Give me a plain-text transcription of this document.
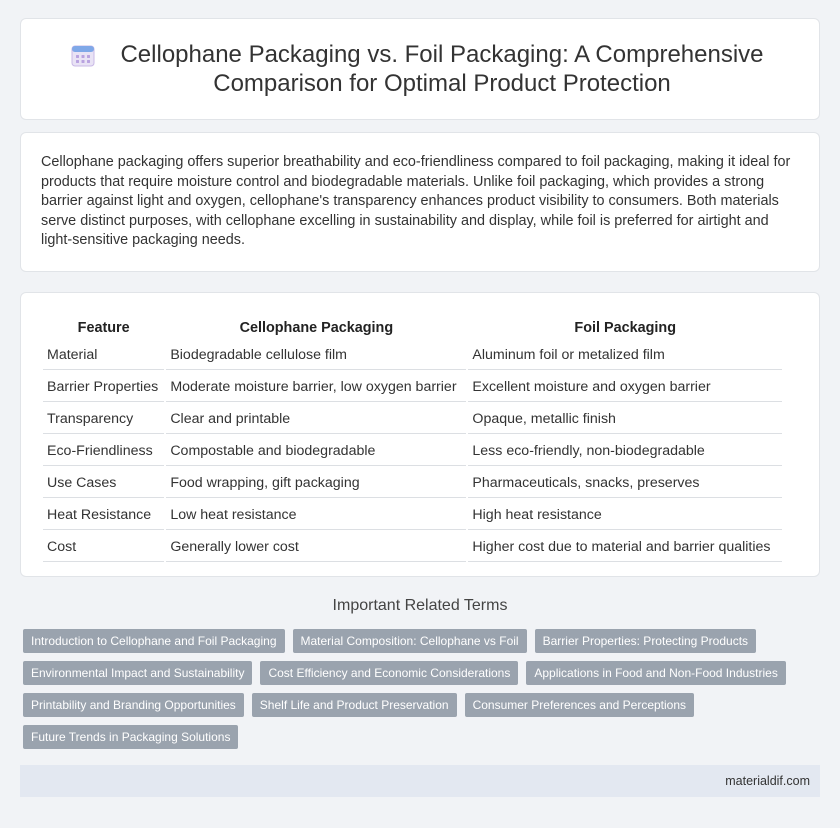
Cellophane Packaging vs. Foil Packaging: A Comprehensive Comparison for Optimal Product Protection

Cellophane packaging offers superior breathability and eco-friendliness compared to foil packaging, making it ideal for products that require moisture control and biodegradable materials. Unlike foil packaging, which provides a strong barrier against light and oxygen, cellophane's transparency enhances product visibility to consumers. Both materials serve distinct purposes, with cellophane excelling in sustainability and display, while foil is preferred for airtight and light-sensitive packaging needs.

Feature	Cellophane Packaging	Foil Packaging
Material	Biodegradable cellulose film	Aluminum foil or metalized film
Barrier Properties	Moderate moisture barrier, low oxygen barrier	Excellent moisture and oxygen barrier
Transparency	Clear and printable	Opaque, metallic finish
Eco-Friendliness	Compostable and biodegradable	Less eco-friendly, non-biodegradable
Use Cases	Food wrapping, gift packaging	Pharmaceuticals, snacks, preserves
Heat Resistance	Low heat resistance	High heat resistance
Cost	Generally lower cost	Higher cost due to material and barrier qualities
Important Related Terms
Introduction to Cellophane and Foil Packaging	Material Composition: Cellophane vs Foil	Barrier Properties: Protecting Products
Environmental Impact and Sustainability	Cost Efficiency and Economic Considerations	Applications in Food and Non-Food Industries
Printability and Branding Opportunities	Shelf Life and Product Preservation	Consumer Preferences and Perceptions
Future Trends in Packaging Solutions
materialdif.com
